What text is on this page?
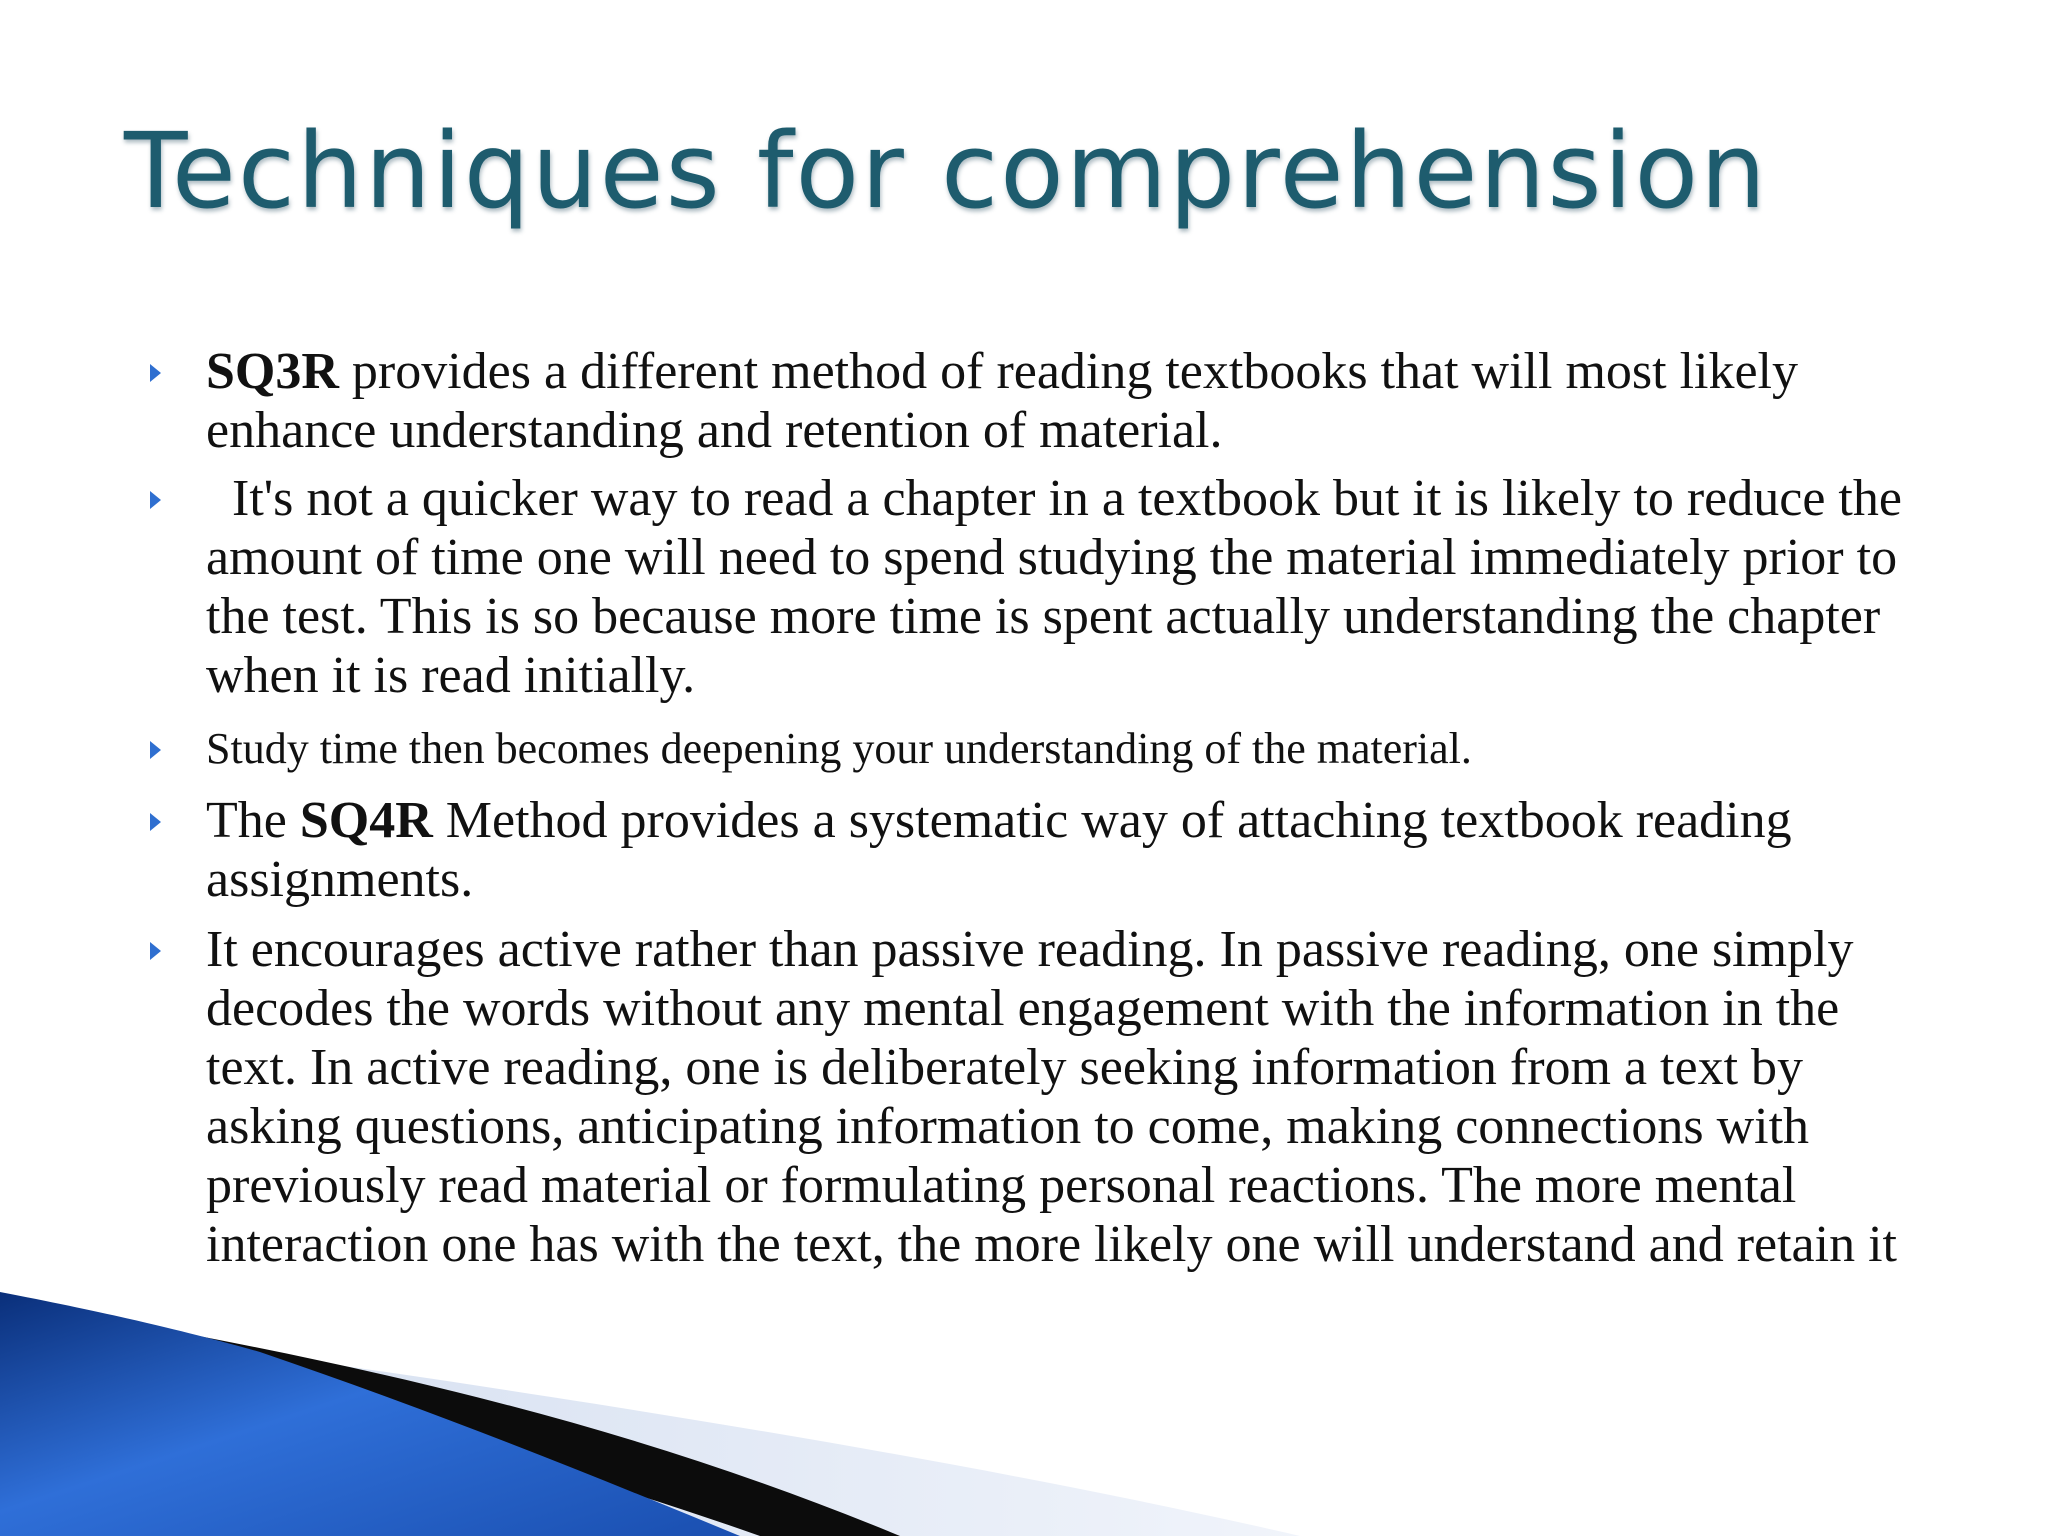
Techniques for comprehension
SQ3R provides a different method of reading textbooks that will most likely enhance understanding and retention of material.
It's not a quicker way to read a chapter in a textbook but it is likely to reduce the amount of time one will need to spend studying the material immediately prior to the test. This is so because more time is spent actually understanding the chapter when it is read initially.
Study time then becomes deepening your understanding of the material.
The SQ4R Method provides a systematic way of attaching textbook reading assignments.
It encourages active rather than passive reading. In passive reading, one simply decodes the words without any mental engagement with the information in the text. In active reading, one is deliberately seeking information from a text by asking questions, anticipating information to come, making connections with previously read material or formulating personal reactions. The more mental interaction one has with the text, the more likely one will understand and retain it
